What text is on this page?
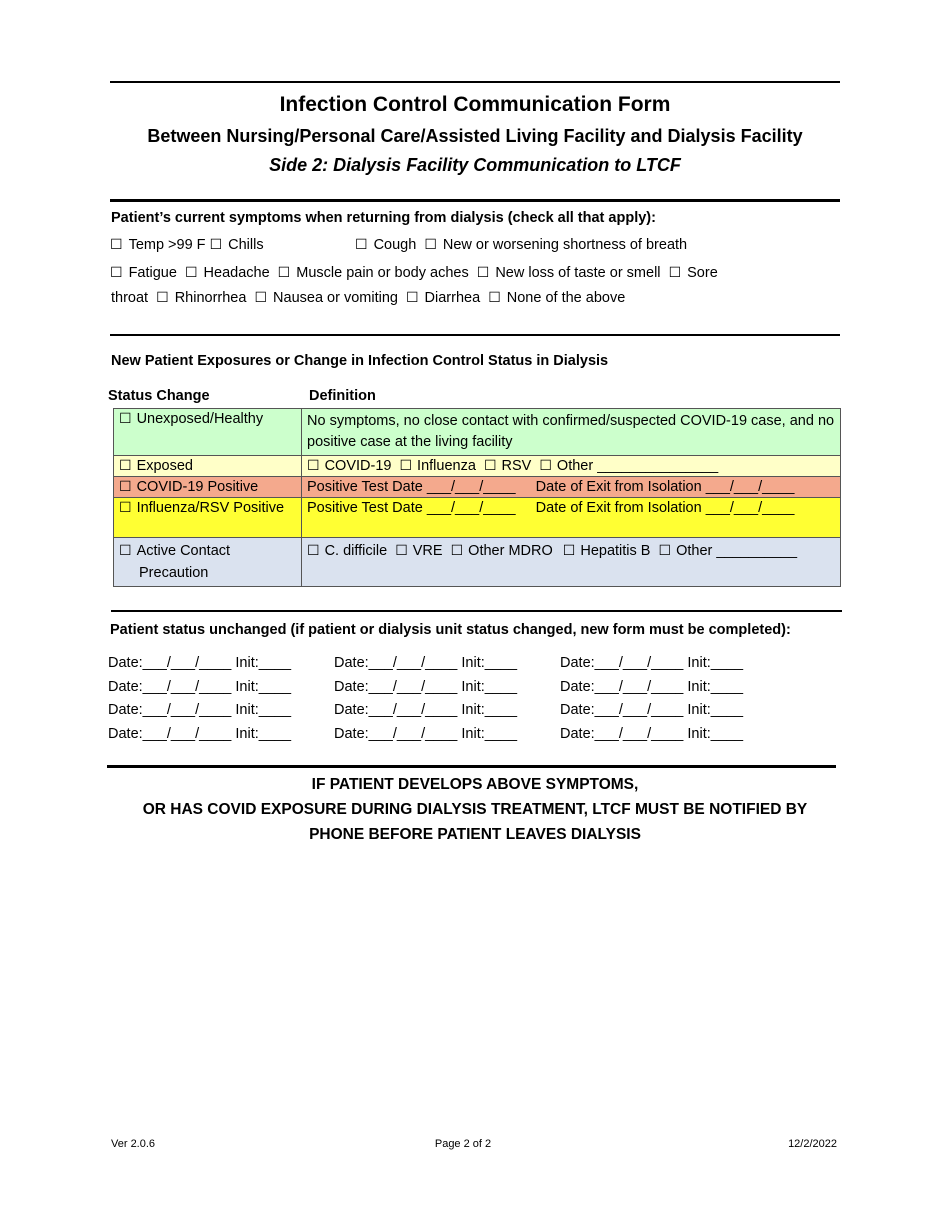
Infection Control Communication Form
Between Nursing/Personal Care/Assisted Living Facility and Dialysis Facility
Side 2: Dialysis Facility Communication to LTCF
Patient’s current symptoms when returning from dialysis (check all that apply):
☐ Temp >99 F ☐ Chills	☐ Cough ☐ New or worsening shortness of breath
☐ Fatigue ☐ Headache ☐ Muscle pain or body aches ☐ New loss of taste or smell ☐ Sore
throat ☐ Rhinorrhea ☐ Nausea or vomiting ☐ Diarrhea ☐ None of the above
New Patient Exposures or Change in Infection Control Status in Dialysis
Status Change	Definition
☐ Unexposed/Healthy	No symptoms, no close contact with confirmed/suspected COVID-19 case, and no positive case at the living facility
☐ Exposed	☐ COVID-19 ☐ Influenza ☐ RSV ☐ Other _______________
☐ COVID-19 Positive	Positive Test Date ___/___/____     Date of Exit from Isolation ___/___/____
☐ Influenza/RSV Positive	Positive Test Date ___/___/____     Date of Exit from Isolation ___/___/____
☐ Active Contact
Precaution	☐ C. difficile ☐ VRE ☐ Other MDRO ☐ Hepatitis B ☐ Other __________
Patient status unchanged (if patient or dialysis unit status changed, new form must be completed):
Date:___/___/____ Init:____	Date:___/___/____ Init:____	Date:___/___/____ Init:____
Date:___/___/____ Init:____	Date:___/___/____ Init:____	Date:___/___/____ Init:____
Date:___/___/____ Init:____	Date:___/___/____ Init:____	Date:___/___/____ Init:____
Date:___/___/____ Init:____	Date:___/___/____ Init:____	Date:___/___/____ Init:____
IF PATIENT DEVELOPS ABOVE SYMPTOMS,
OR HAS COVID EXPOSURE DURING DIALYSIS TREATMENT, LTCF MUST BE NOTIFIED BY
PHONE BEFORE PATIENT LEAVES DIALYSIS
Ver 2.0.6	Page 2 of 2	12/2/2022
